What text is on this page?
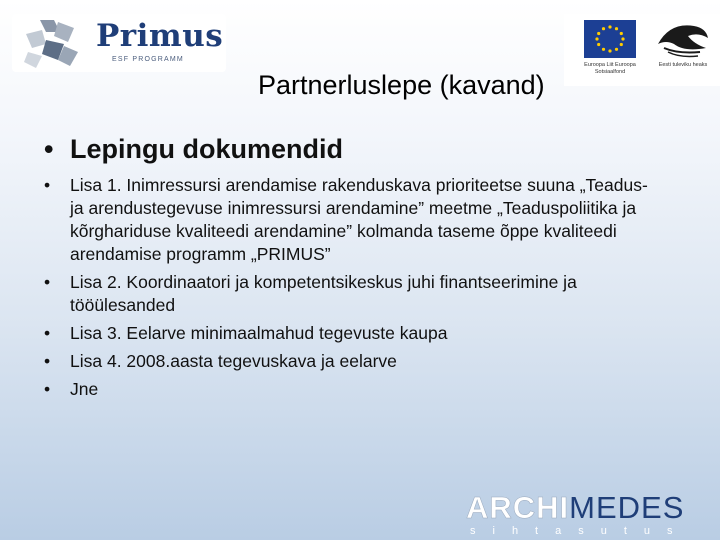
Primus
ESF PROGRAMM
Euroopa Liit Euroopa Sotsiaalfond
Eesti tuleviku heaks
Partnerluslepe (kavand)
• Lepingu dokumendid
• Lisa 1. Inimressursi arendamise rakenduskava prioriteetse suuna „Teadus- ja arendustegevuse inimressursi arendamine” meetme „Teaduspoliitika ja kõrghariduse kvaliteedi arendamine” kolmanda taseme õppe kvaliteedi arendamise programm „PRIMUS”
• Lisa 2. Koordinaatori ja kompetentsikeskus juhi finantseerimine ja tööülesanded
• Lisa 3. Eelarve minimaalmahud tegevuste kaupa
• Lisa 4. 2008.aasta tegevuskava ja eelarve
• Jne
ARCHIMEDES
sihtasutus
